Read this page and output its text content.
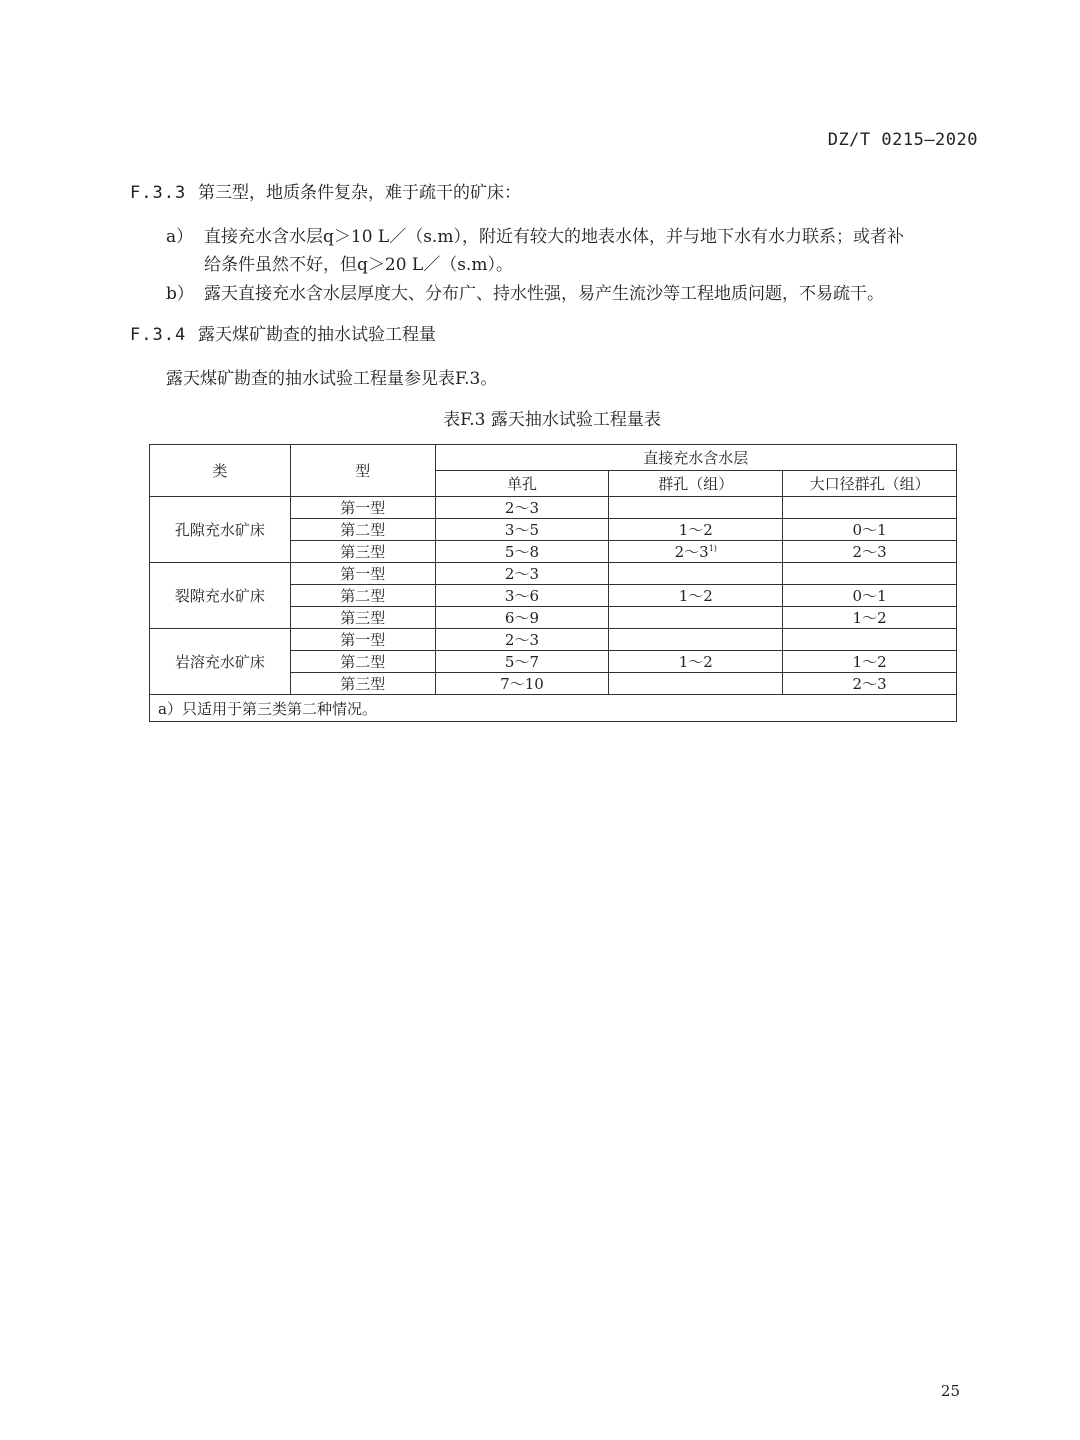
DZ/T 0215—2020
F.3.3 第三型，地质条件复杂，难于疏干的矿床：
a） 直接充水含水层q＞10 L／（s.m），附近有较大的地表水体，并与地下水有水力联系；或者补
给条件虽然不好，但q＞20 L／（s.m）。
b） 露天直接充水含水层厚度大、分布广、持水性强，易产生流沙等工程地质问题，不易疏干。
F.3.4 露天煤矿勘查的抽水试验工程量
露天煤矿勘查的抽水试验工程量参见表F.3。
表F.3 露天抽水试验工程量表
类	型	直接充水含水层		
		单孔	群孔（组）	大口径群孔（组）
孔隙充水矿床	第一型	2～3		
	第二型	3～5	1～2	0～1
	第三型	5～8	2～3$^{1)}$	2～3
裂隙充水矿床	第一型	2～3		
	第二型	3～6	1～2	0～1
	第三型	6～9		1～2
岩溶充水矿床	第一型	2～3		
	第二型	5～7	1～2	1～2
	第三型	7～10		2～3
a）只适用于第三类第二种情况。				
25
